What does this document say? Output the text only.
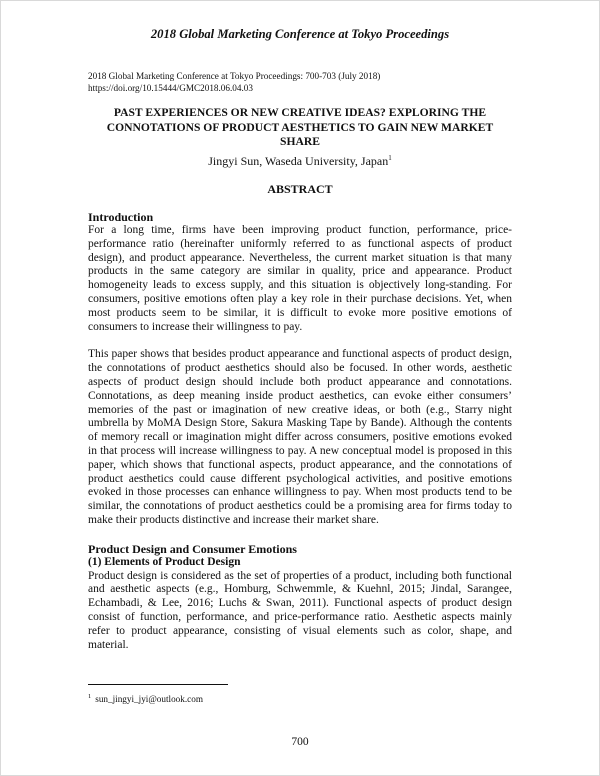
2018 Global Marketing Conference at Tokyo Proceedings
2018 Global Marketing Conference at Tokyo Proceedings: 700-703 (July 2018)
https://doi.org/10.15444/GMC2018.06.04.03
PAST EXPERIENCES OR NEW CREATIVE IDEAS? EXPLORING THE CONNOTATIONS OF PRODUCT AESTHETICS TO GAIN NEW MARKET SHARE
Jingyi Sun, Waseda University, Japan$^1$
ABSTRACT
Introduction

For a long time, firms have been improving product function, performance, price-performance ratio (hereinafter uniformly referred to as functional aspects of product design), and product appearance. Nevertheless, the current market situation is that many products in the same category are similar in quality, price and appearance. Product homogeneity leads to excess supply, and this situation is objectively long-standing. For consumers, positive emotions often play a key role in their purchase decisions. Yet, when most products seem to be similar, it is difficult to evoke more positive emotions of consumers to increase their willingness to pay.

This paper shows that besides product appearance and functional aspects of product design, the connotations of product aesthetics should also be focused. In other words, aesthetic aspects of product design should include both product appearance and connotations. Connotations, as deep meaning inside product aesthetics, can evoke either consumers’ memories of the past or imagination of new creative ideas, or both (e.g., Starry night umbrella by MoMA Design Store, Sakura Masking Tape by Bande). Although the contents of memory recall or imagination might differ across consumers, positive emotions evoked in that process will increase willingness to pay. A new conceptual model is proposed in this paper, which shows that functional aspects, product appearance, and the connotations of product aesthetics could cause different psychological activities, and positive emotions evoked in those processes can enhance willingness to pay. When most products tend to be similar, the connotations of product aesthetics could be a promising area for firms today to make their products distinctive and increase their market share.

Product Design and Consumer Emotions
(1) Elements of Product Design

Product design is considered as the set of properties of a product, including both functional and aesthetic aspects (e.g., Homburg, Schwemmle, & Kuehnl, 2015; Jindal, Sarangee, Echambadi, & Lee, 2016; Luchs & Swan, 2011). Functional aspects of product design consist of function, performance, and price-performance ratio. Aesthetic aspects mainly refer to product appearance, consisting of visual elements such as color, shape, and material.

$^1$ sun_jingyi_jyi@outlook.com
700
